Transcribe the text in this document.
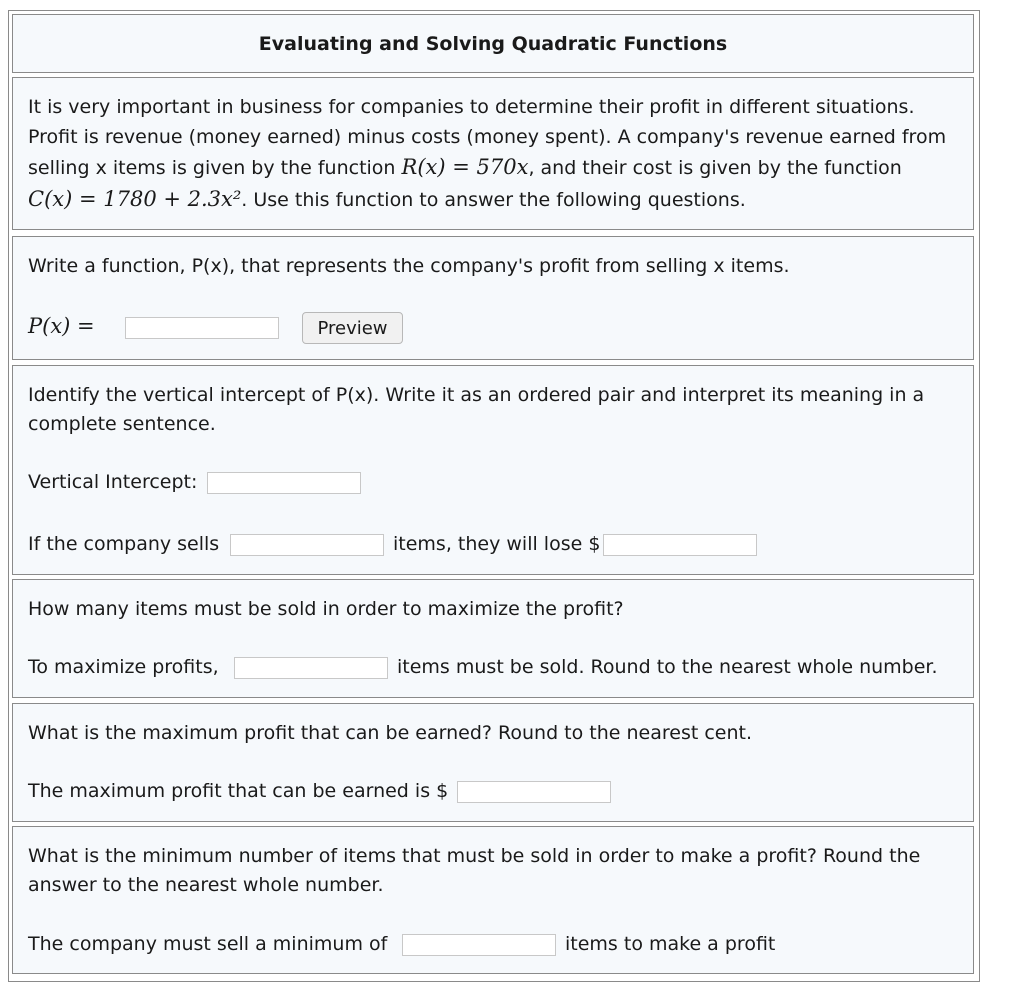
Evaluating and Solving Quadratic Functions
It is very important in business for companies to determine their profit in different situations.
Profit is revenue (money earned) minus costs (money spent). A company's revenue earned from
selling x items is given by the function R(x) = 570x, and their cost is given by the function
C(x) = 1780 + 2.3x². Use this function to answer the following questions.
Write a function, P(x), that represents the company's profit from selling x items.
P(x) =	Preview
Identify the vertical intercept of P(x). Write it as an ordered pair and interpret its meaning in a
complete sentence.
Vertical Intercept:
If the company sells	items, they will lose $
How many items must be sold in order to maximize the profit?
To maximize profits,	items must be sold. Round to the nearest whole number.
What is the maximum profit that can be earned? Round to the nearest cent.
The maximum profit that can be earned is $
What is the minimum number of items that must be sold in order to make a profit? Round the
answer to the nearest whole number.
The company must sell a minimum of	items to make a profit
